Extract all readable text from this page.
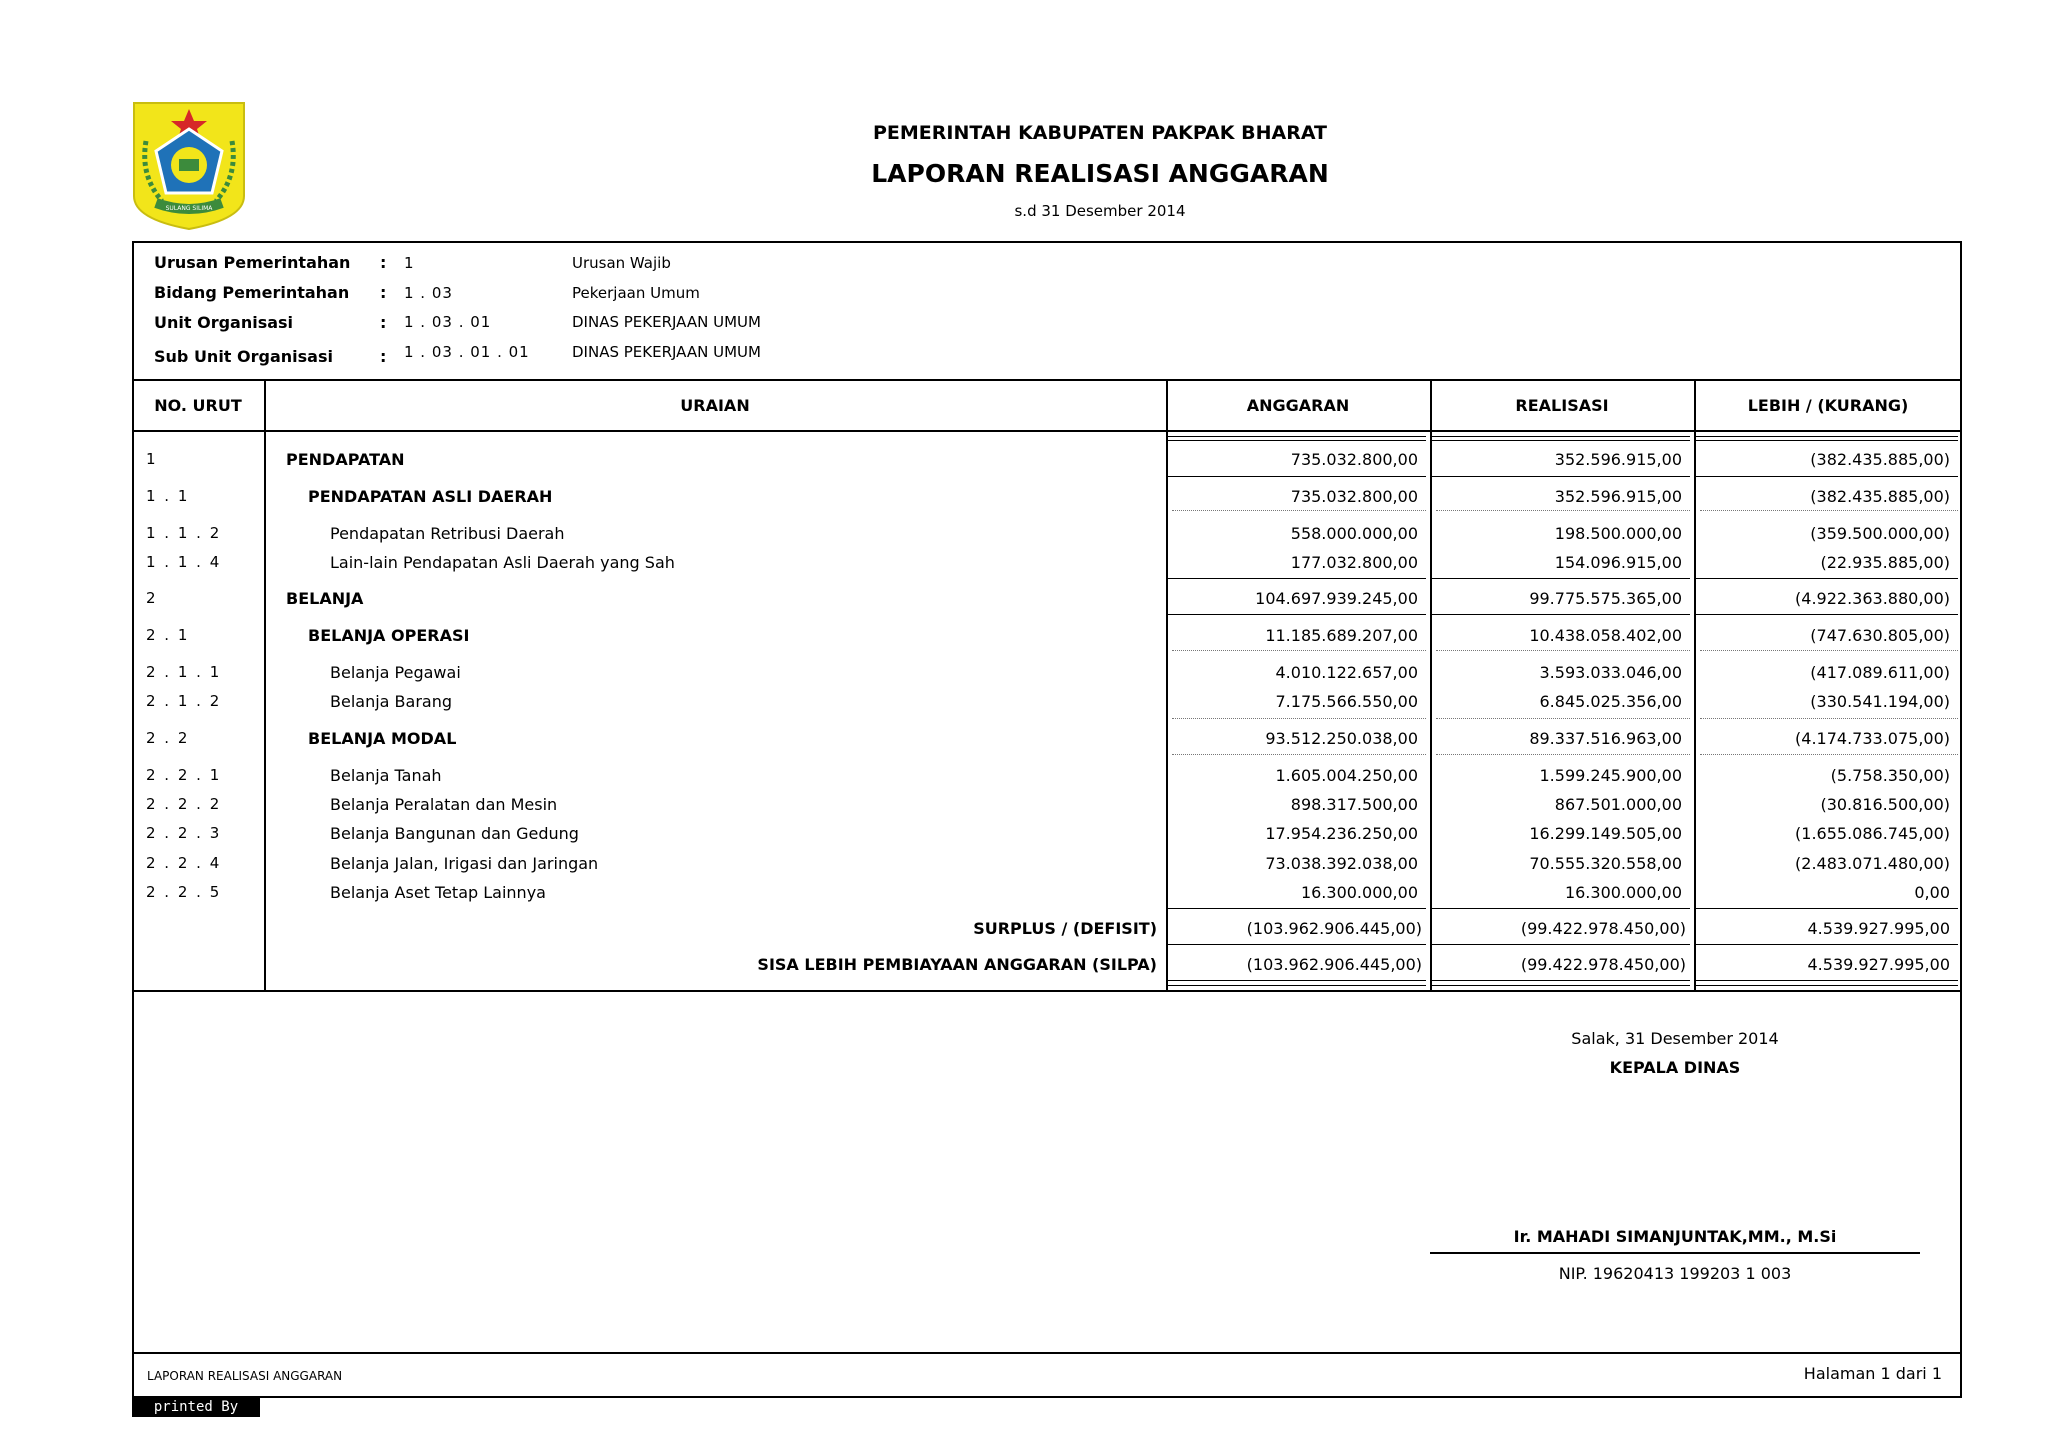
SULANG SILIMA
PEMERINTAH KABUPATEN PAKPAK BHARAT
LAPORAN REALISASI ANGGARAN
s.d 31 Desember 2014
Urusan Pemerintahan : 1	Urusan Wajib
Bidang Pemerintahan : 1 . 03	Pekerjaan Umum
Unit Organisasi	: 1 . 03 . 01	DINAS PEKERJAAN UMUM
Sub Unit Organisasi	: 1 . 03 . 01 . 01	DINAS PEKERJAAN UMUM
NO. URUT	URAIAN	ANGGARAN	REALISASI	LEBIH / (KURANG)
1	PENDAPATAN	735.032.800,00	352.596.915,00	(382.435.885,00)
1 . 1	PENDAPATAN ASLI DAERAH	735.032.800,00	352.596.915,00	(382.435.885,00)
1 . 1 . 2	Pendapatan Retribusi Daerah	558.000.000,00	198.500.000,00	(359.500.000,00)
1 . 1 . 4	Lain-lain Pendapatan Asli Daerah yang Sah	177.032.800,00	154.096.915,00	(22.935.885,00)
2	BELANJA	104.697.939.245,00	99.775.575.365,00	(4.922.363.880,00)
2 . 1	BELANJA OPERASI	11.185.689.207,00	10.438.058.402,00	(747.630.805,00)
2 . 1 . 1	Belanja Pegawai	4.010.122.657,00	3.593.033.046,00	(417.089.611,00)
2 . 1 . 2	Belanja Barang	7.175.566.550,00	6.845.025.356,00	(330.541.194,00)
2 . 2	BELANJA MODAL	93.512.250.038,00	89.337.516.963,00	(4.174.733.075,00)
2 . 2 . 1	Belanja Tanah	1.605.004.250,00	1.599.245.900,00	(5.758.350,00)
2 . 2 . 2	Belanja Peralatan dan Mesin	898.317.500,00	867.501.000,00	(30.816.500,00)
2 . 2 . 3	Belanja Bangunan dan Gedung	17.954.236.250,00	16.299.149.505,00	(1.655.086.745,00)
2 . 2 . 4	Belanja Jalan, Irigasi dan Jaringan	73.038.392.038,00	70.555.320.558,00	(2.483.071.480,00)
2 . 2 . 5	Belanja Aset Tetap Lainnya	16.300.000,00	16.300.000,00	0,00
SURPLUS / (DEFISIT)	(103.962.906.445,00)	(99.422.978.450,00)	4.539.927.995,00
SISA LEBIH PEMBIAYAAN ANGGARAN (SILPA)	(103.962.906.445,00)	(99.422.978.450,00)	4.539.927.995,00
Salak, 31 Desember 2014
KEPALA DINAS
Ir. MAHADI SIMANJUNTAK,MM., M.Si
NIP. 19620413 199203 1 003
LAPORAN REALISASI ANGGARAN	Halaman 1 dari 1
printed By SimDa
